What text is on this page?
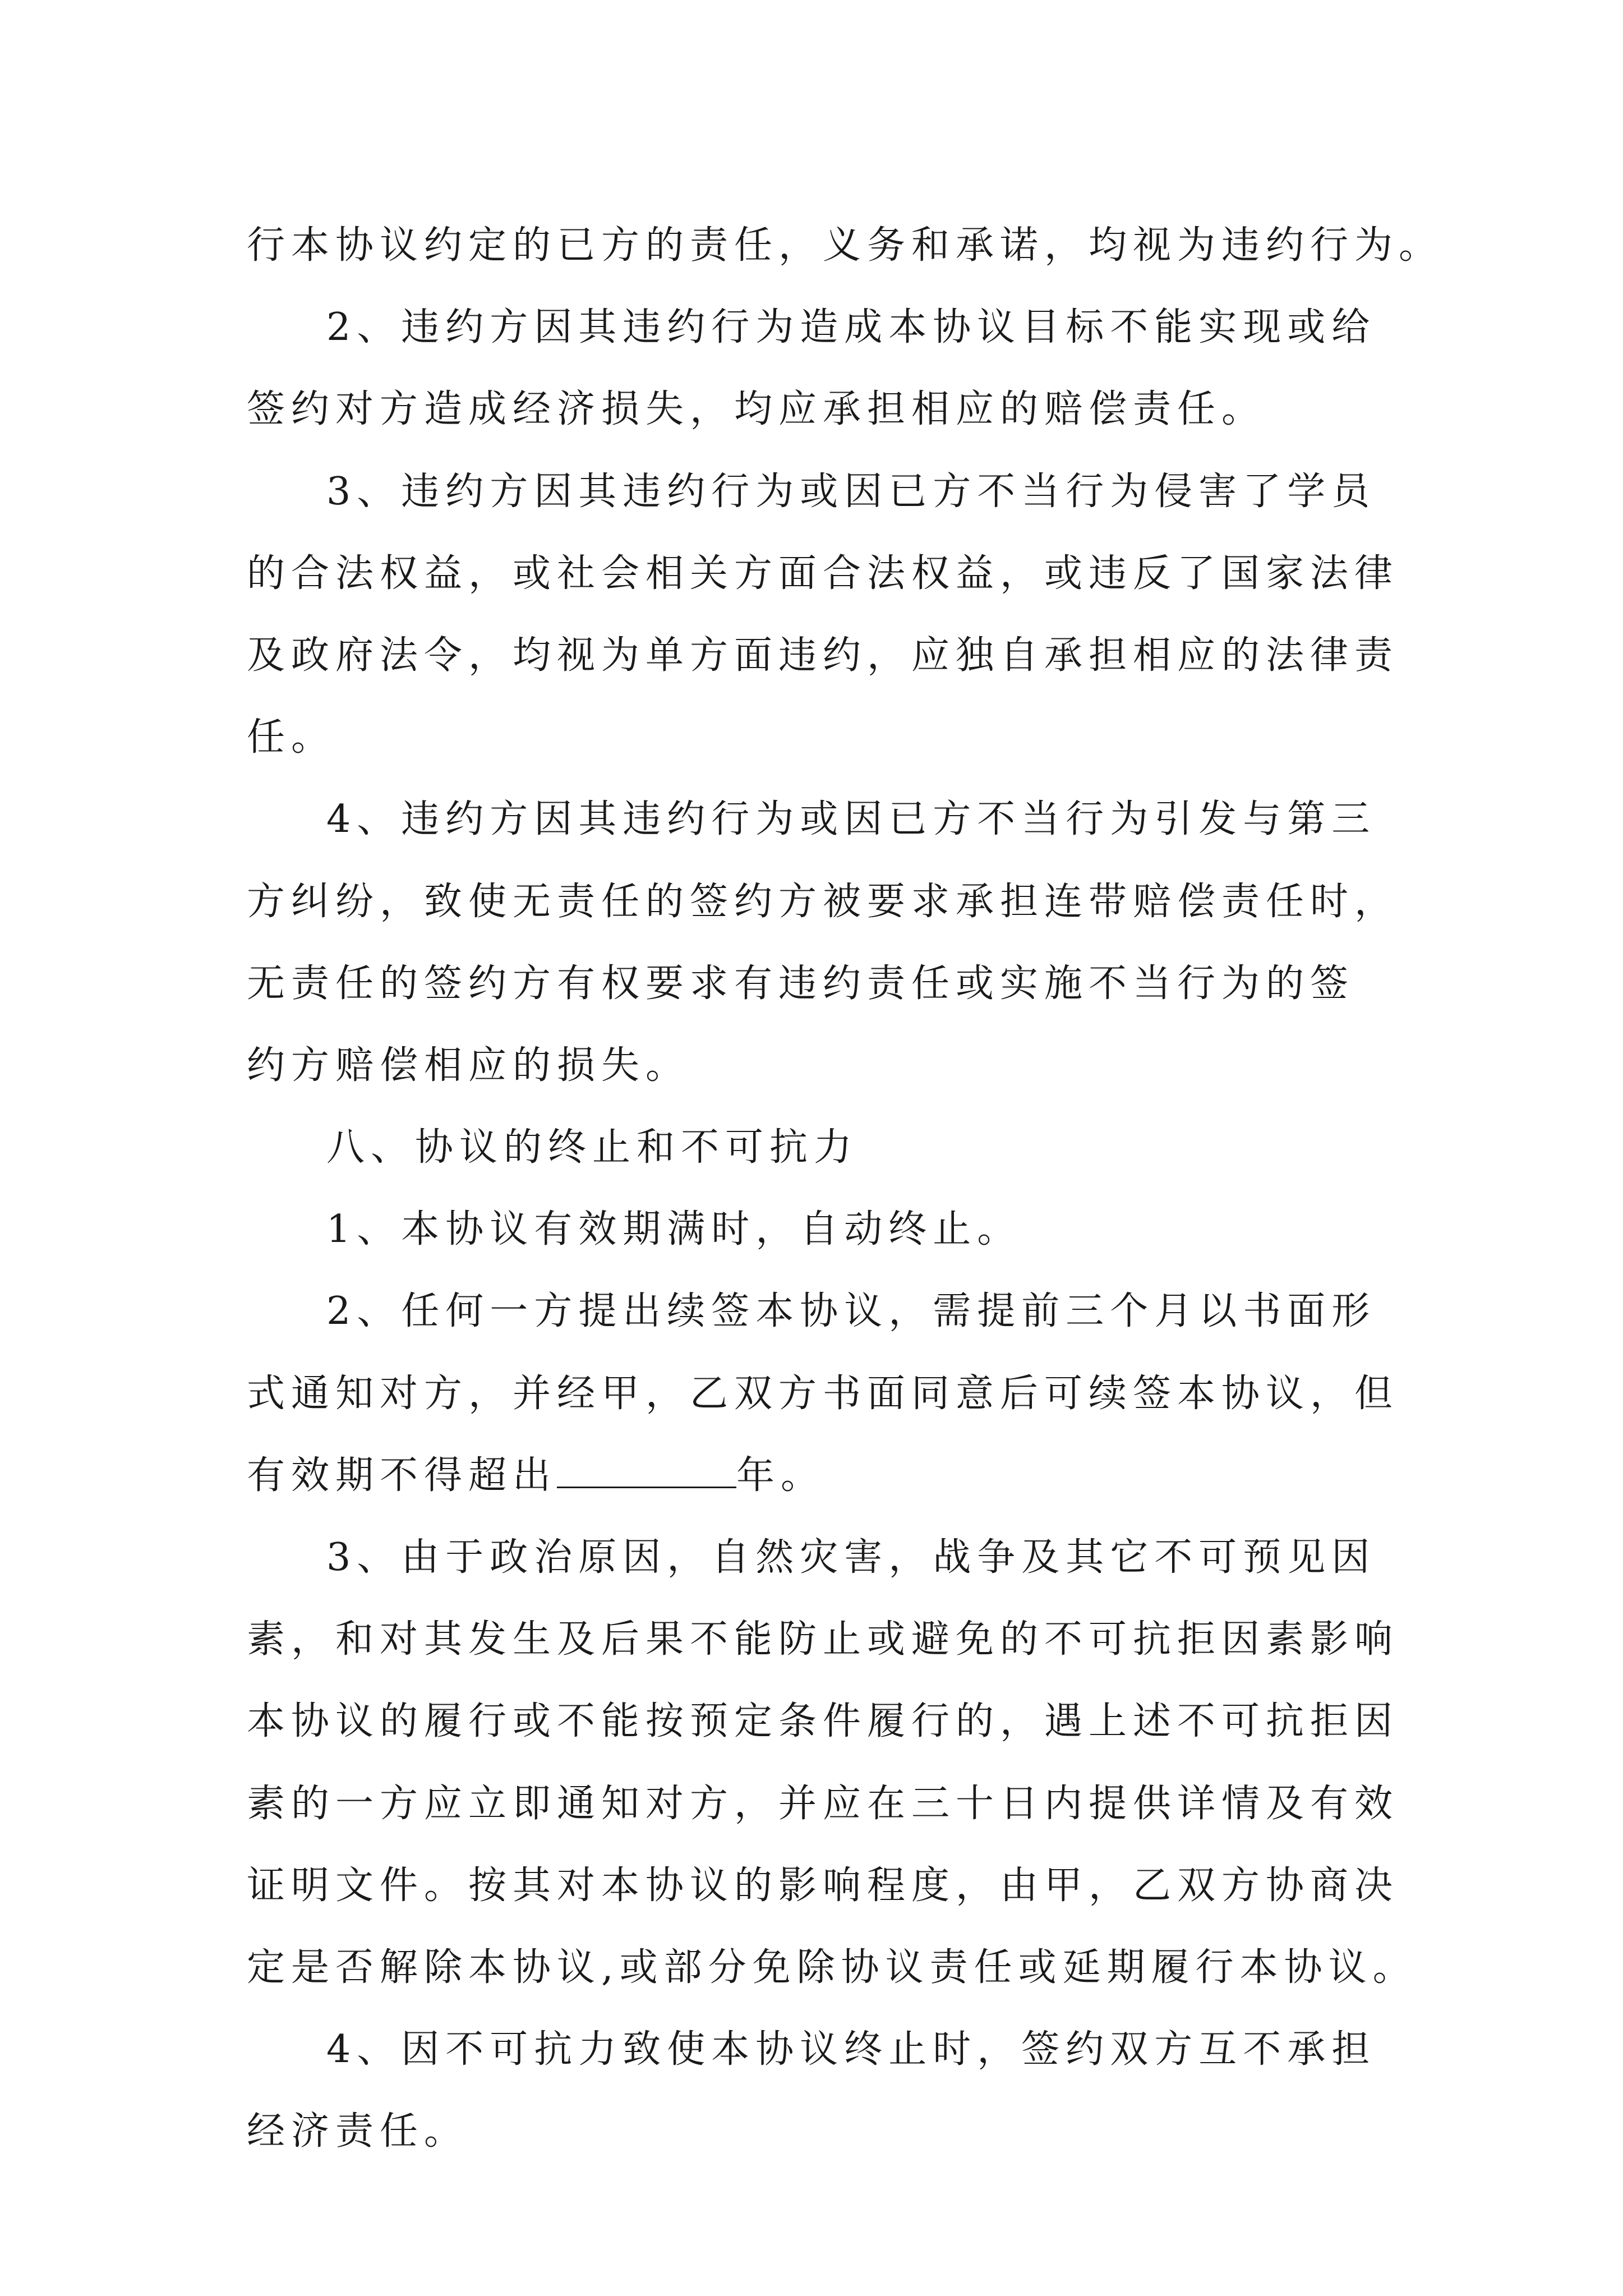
行本协议约定的已方的责任，义务和承诺，均视为违约行为。
2、违约方因其违约行为造成本协议目标不能实现或给
签约对方造成经济损失，均应承担相应的赔偿责任。
3、违约方因其违约行为或因已方不当行为侵害了学员
的合法权益，或社会相关方面合法权益，或违反了国家法律
及政府法令，均视为单方面违约，应独自承担相应的法律责
任。
4、违约方因其违约行为或因已方不当行为引发与第三
方纠纷，致使无责任的签约方被要求承担连带赔偿责任时，
无责任的签约方有权要求有违约责任或实施不当行为的签
约方赔偿相应的损失。
八、协议的终止和不可抗力
1、本协议有效期满时，自动终止。
2、任何一方提出续签本协议，需提前三个月以书面形
式通知对方，并经甲，乙双方书面同意后可续签本协议，但
有效期不得超出	年。
3、由于政治原因，自然灾害，战争及其它不可预见因
素，和对其发生及后果不能防止或避免的不可抗拒因素影响
本协议的履行或不能按预定条件履行的，遇上述不可抗拒因
素的一方应立即通知对方，并应在三十日内提供详情及有效
证明文件。按其对本协议的影响程度，由甲，乙双方协商决
定是否解除本协议,或部分免除协议责任或延期履行本协议。
4、因不可抗力致使本协议终止时，签约双方互不承担
经济责任。
